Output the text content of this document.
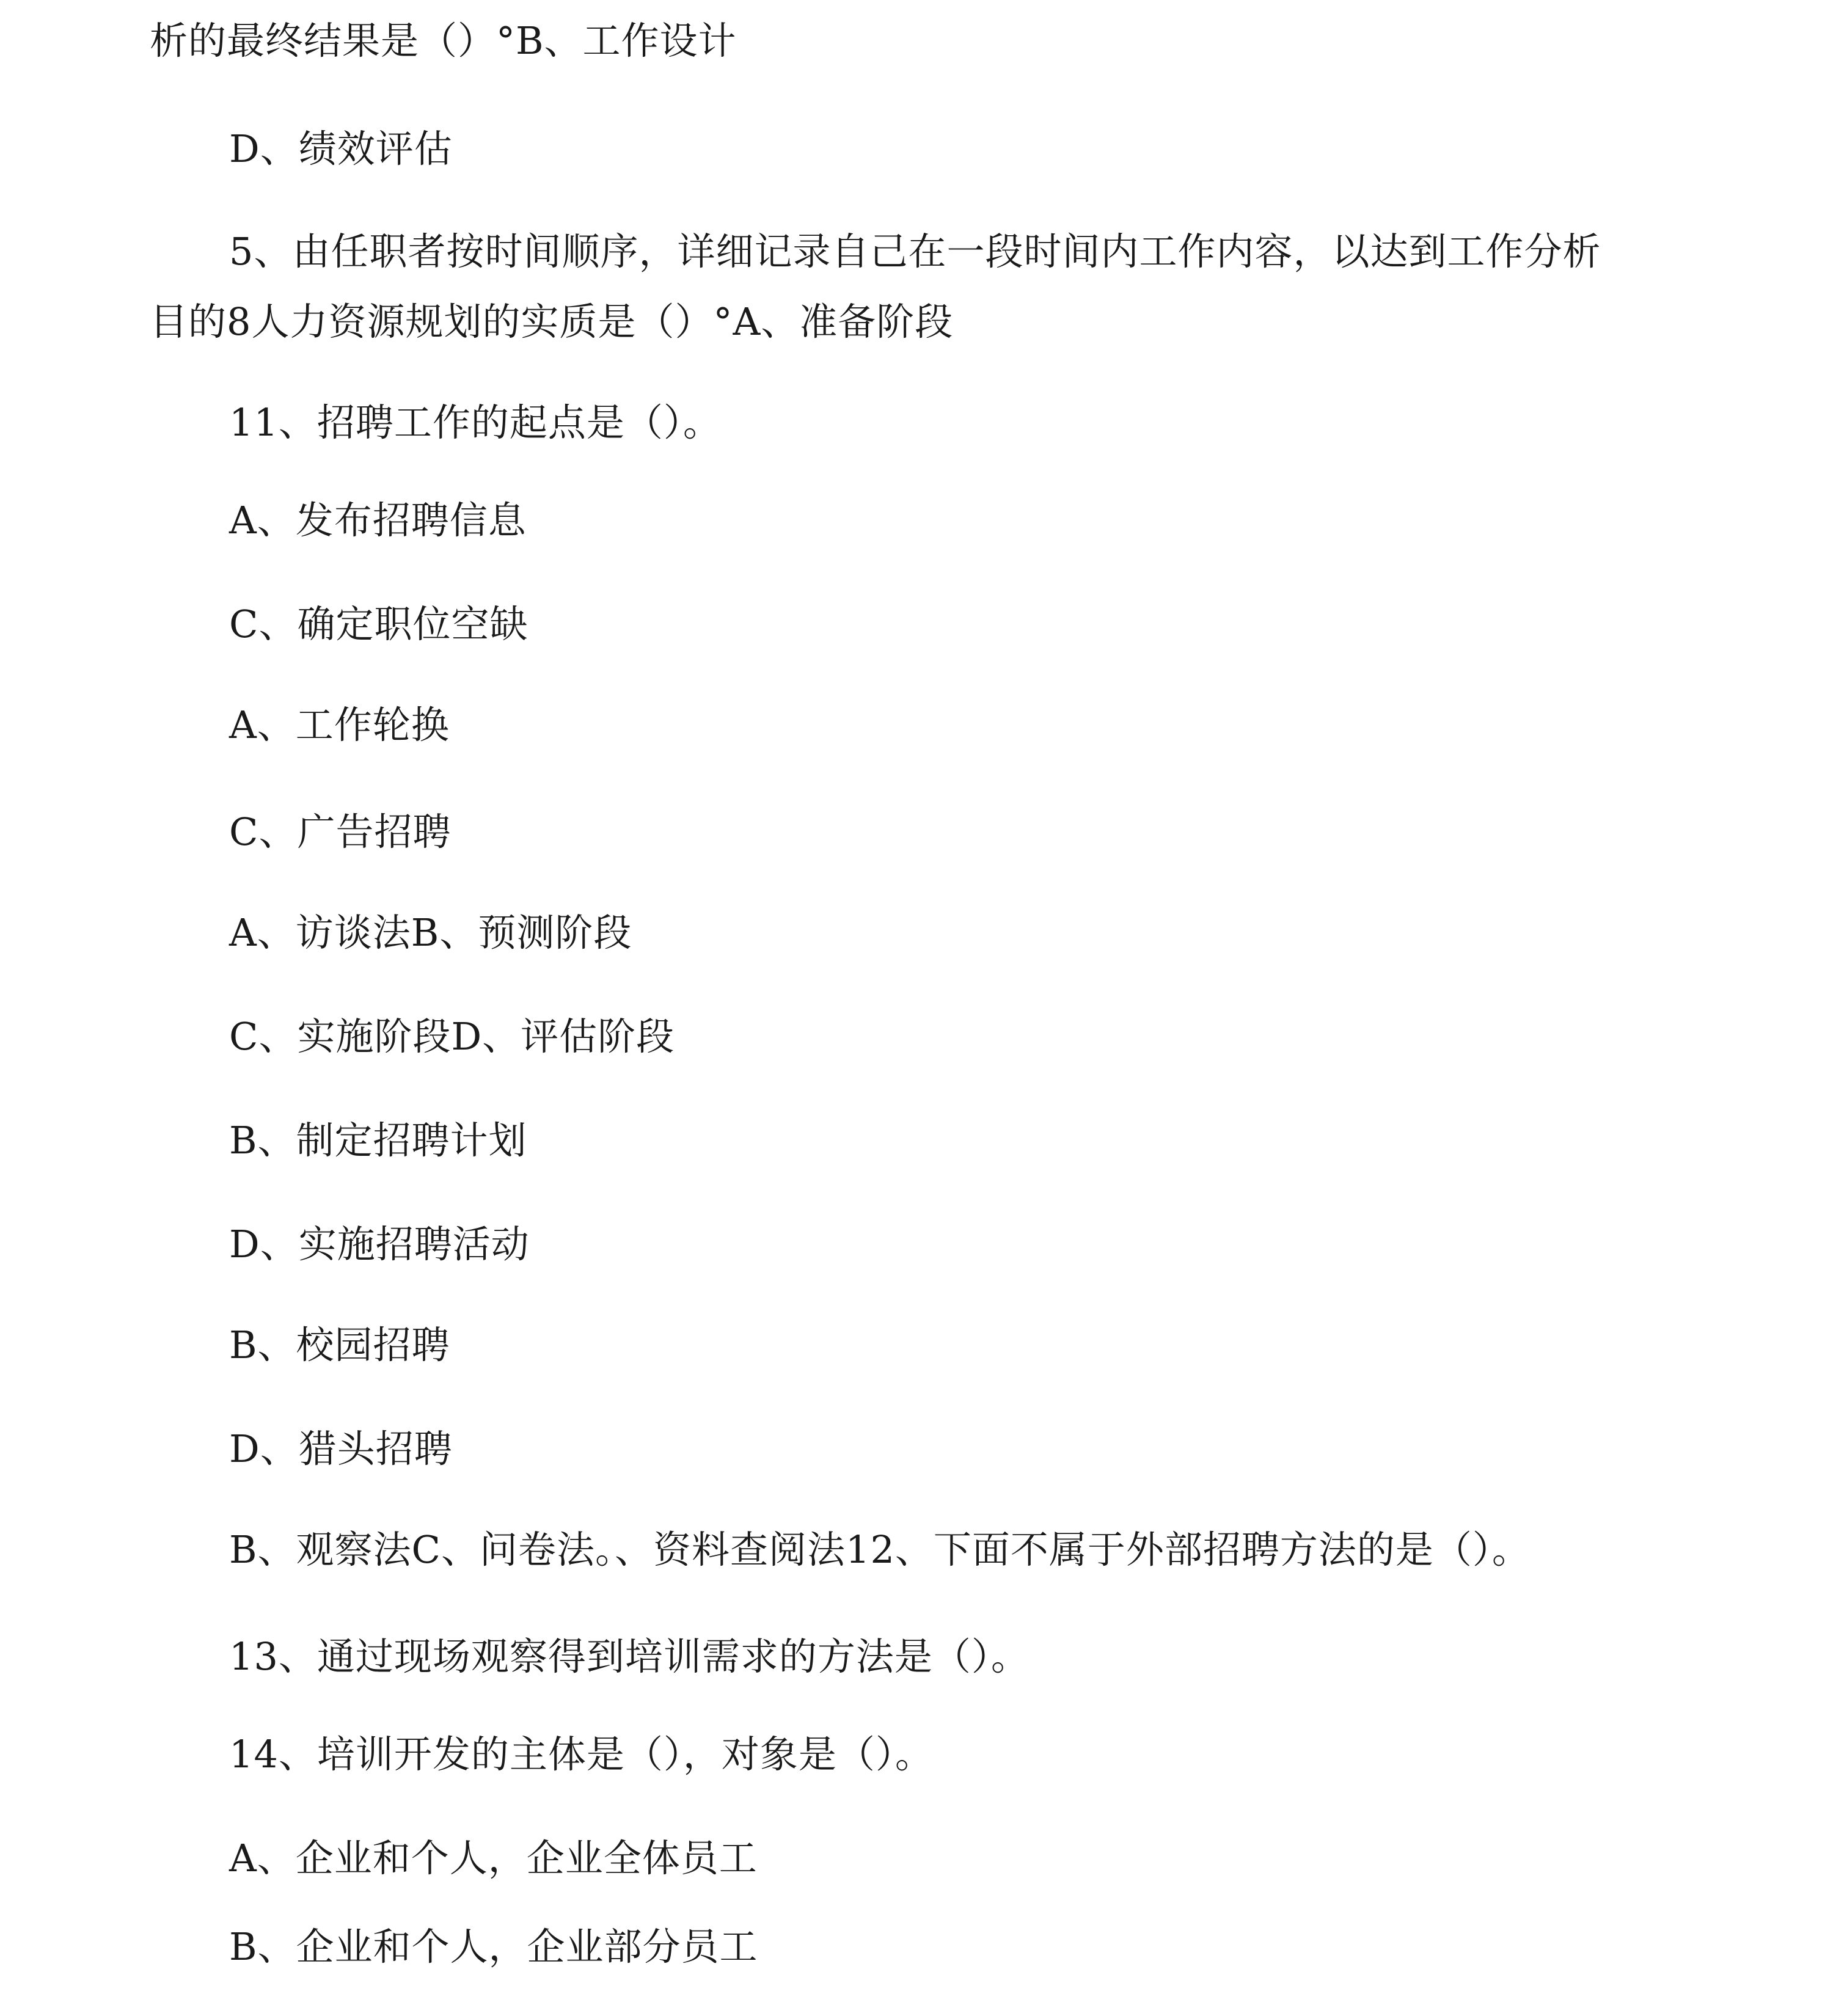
析的最终结果是（）°B、工作设计
D、绩效评估
5、由任职者按时间顺序，详细记录自己在一段时间内工作内容，以达到工作分析
目的8人力资源规划的实质是（）°A、准备阶段
11、招聘工作的起点是（）。
A、发布招聘信息
C、确定职位空缺
A、工作轮换
C、广告招聘
A、访谈法B、预测阶段
C、实施阶段D、评估阶段
B、制定招聘计划
D、实施招聘活动
B、校园招聘
D、猎头招聘
B、观察法C、问卷法。、资料查阅法12、下面不属于外部招聘方法的是（）。
13、通过现场观察得到培训需求的方法是（）。
14、培训开发的主体是（），对象是（）。
A、企业和个人，企业全体员工
B、企业和个人，企业部分员工
